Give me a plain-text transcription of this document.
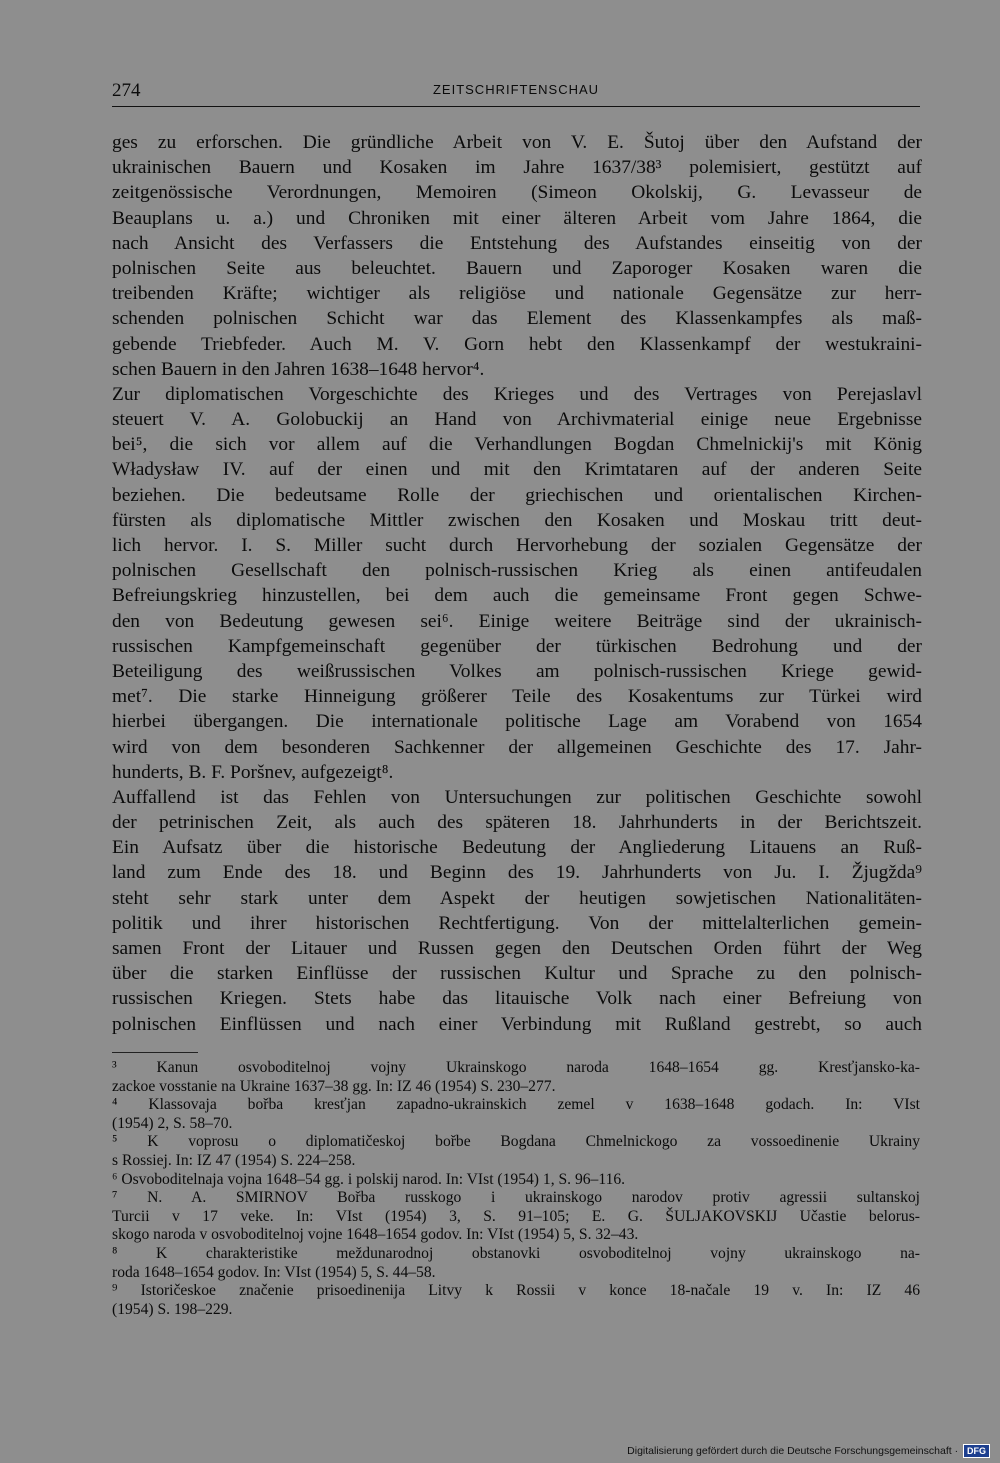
274	ZEITSCHRIFTENSCHAU
ges zu erforschen. Die gründliche Arbeit von V. E. Šutoj über den Aufstand der
ukrainischen Bauern und Kosaken im Jahre 1637/38³ polemisiert, gestützt auf
zeitgenössische Verordnungen, Memoiren (Simeon Okolskij, G. Levasseur de
Beauplans u. a.) und Chroniken mit einer älteren Arbeit vom Jahre 1864, die
nach Ansicht des Verfassers die Entstehung des Aufstandes einseitig von der
polnischen Seite aus beleuchtet. Bauern und Zaporoger Kosaken waren die
treibenden Kräfte; wichtiger als religiöse und nationale Gegensätze zur herr-
schenden polnischen Schicht war das Element des Klassenkampfes als maß-
gebende Triebfeder. Auch M. V. Gorn hebt den Klassenkampf der westukraini-
schen Bauern in den Jahren 1638–1648 hervor⁴.
Zur diplomatischen Vorgeschichte des Krieges und des Vertrages von Perejaslavl
steuert V. A. Golobuckij an Hand von Archivmaterial einige neue Ergebnisse
bei⁵, die sich vor allem auf die Verhandlungen Bogdan Chmelnickij's mit König
Władysław IV. auf der einen und mit den Krimtataren auf der anderen Seite
beziehen. Die bedeutsame Rolle der griechischen und orientalischen Kirchen-
fürsten als diplomatische Mittler zwischen den Kosaken und Moskau tritt deut-
lich hervor. I. S. Miller sucht durch Hervorhebung der sozialen Gegensätze der
polnischen Gesellschaft den polnisch-russischen Krieg als einen antifeudalen
Befreiungskrieg hinzustellen, bei dem auch die gemeinsame Front gegen Schwe-
den von Bedeutung gewesen sei⁶. Einige weitere Beiträge sind der ukrainisch-
russischen Kampfgemeinschaft gegenüber der türkischen Bedrohung und der
Beteiligung des weißrussischen Volkes am polnisch-russischen Kriege gewid-
met⁷. Die starke Hinneigung größerer Teile des Kosakentums zur Türkei wird
hierbei übergangen. Die internationale politische Lage am Vorabend von 1654
wird von dem besonderen Sachkenner der allgemeinen Geschichte des 17. Jahr-
hunderts, B. F. Poršnev, aufgezeigt⁸.
Auffallend ist das Fehlen von Untersuchungen zur politischen Geschichte sowohl
der petrinischen Zeit, als auch des späteren 18. Jahrhunderts in der Berichtszeit.
Ein Aufsatz über die historische Bedeutung der Angliederung Litauens an Ruß-
land zum Ende des 18. und Beginn des 19. Jahrhunderts von Ju. I. Žjugžda⁹
steht sehr stark unter dem Aspekt der heutigen sowjetischen Nationalitäten-
politik und ihrer historischen Rechtfertigung. Von der mittelalterlichen gemein-
samen Front der Litauer und Russen gegen den Deutschen Orden führt der Weg
über die starken Einflüsse der russischen Kultur und Sprache zu den polnisch-
russischen Kriegen. Stets habe das litauische Volk nach einer Befreiung von
polnischen Einflüssen und nach einer Verbindung mit Rußland gestrebt, so auch
³ Kanun osvoboditelnoj vojny Ukrainskogo naroda 1648–1654 gg. Kresťjansko-ka-
zackoe vosstanie na Ukraine 1637–38 gg. In: IZ 46 (1954) S. 230–277.
⁴ Klassovaja bořba kresťjan zapadno-ukrainskich zemel v 1638–1648 godach. In: VIst
(1954) 2, S. 58–70.
⁵ K voprosu o diplomatičeskoj bořbe Bogdana Chmelnickogo za vossoedinenie Ukrainy
s Rossiej. In: IZ 47 (1954) S. 224–258.
⁶ Osvoboditelnaja vojna 1648–54 gg. i polskij narod. In: VIst (1954) 1, S. 96–116.
⁷ N. A. SMIRNOV Bořba russkogo i ukrainskogo narodov protiv agressii sultanskoj
Turcii v 17 veke. In: VIst (1954) 3, S. 91–105; E. G. ŠULJAKOVSKIJ Učastie belorus-
skogo naroda v osvoboditelnoj vojne 1648–1654 godov. In: VIst (1954) 5, S. 32–43.
⁸ K charakteristike meždunarodnoj obstanovki osvoboditelnoj vojny ukrainskogo na-
roda 1648–1654 godov. In: VIst (1954) 5, S. 44–58.
⁹ Istoričeskoe značenie prisoedinenija Litvy k Rossii v konce 18-načale 19 v. In: IZ 46
(1954) S. 198–229.
Digitalisierung gefördert durch die Deutsche Forschungsgemeinschaft · DFG
